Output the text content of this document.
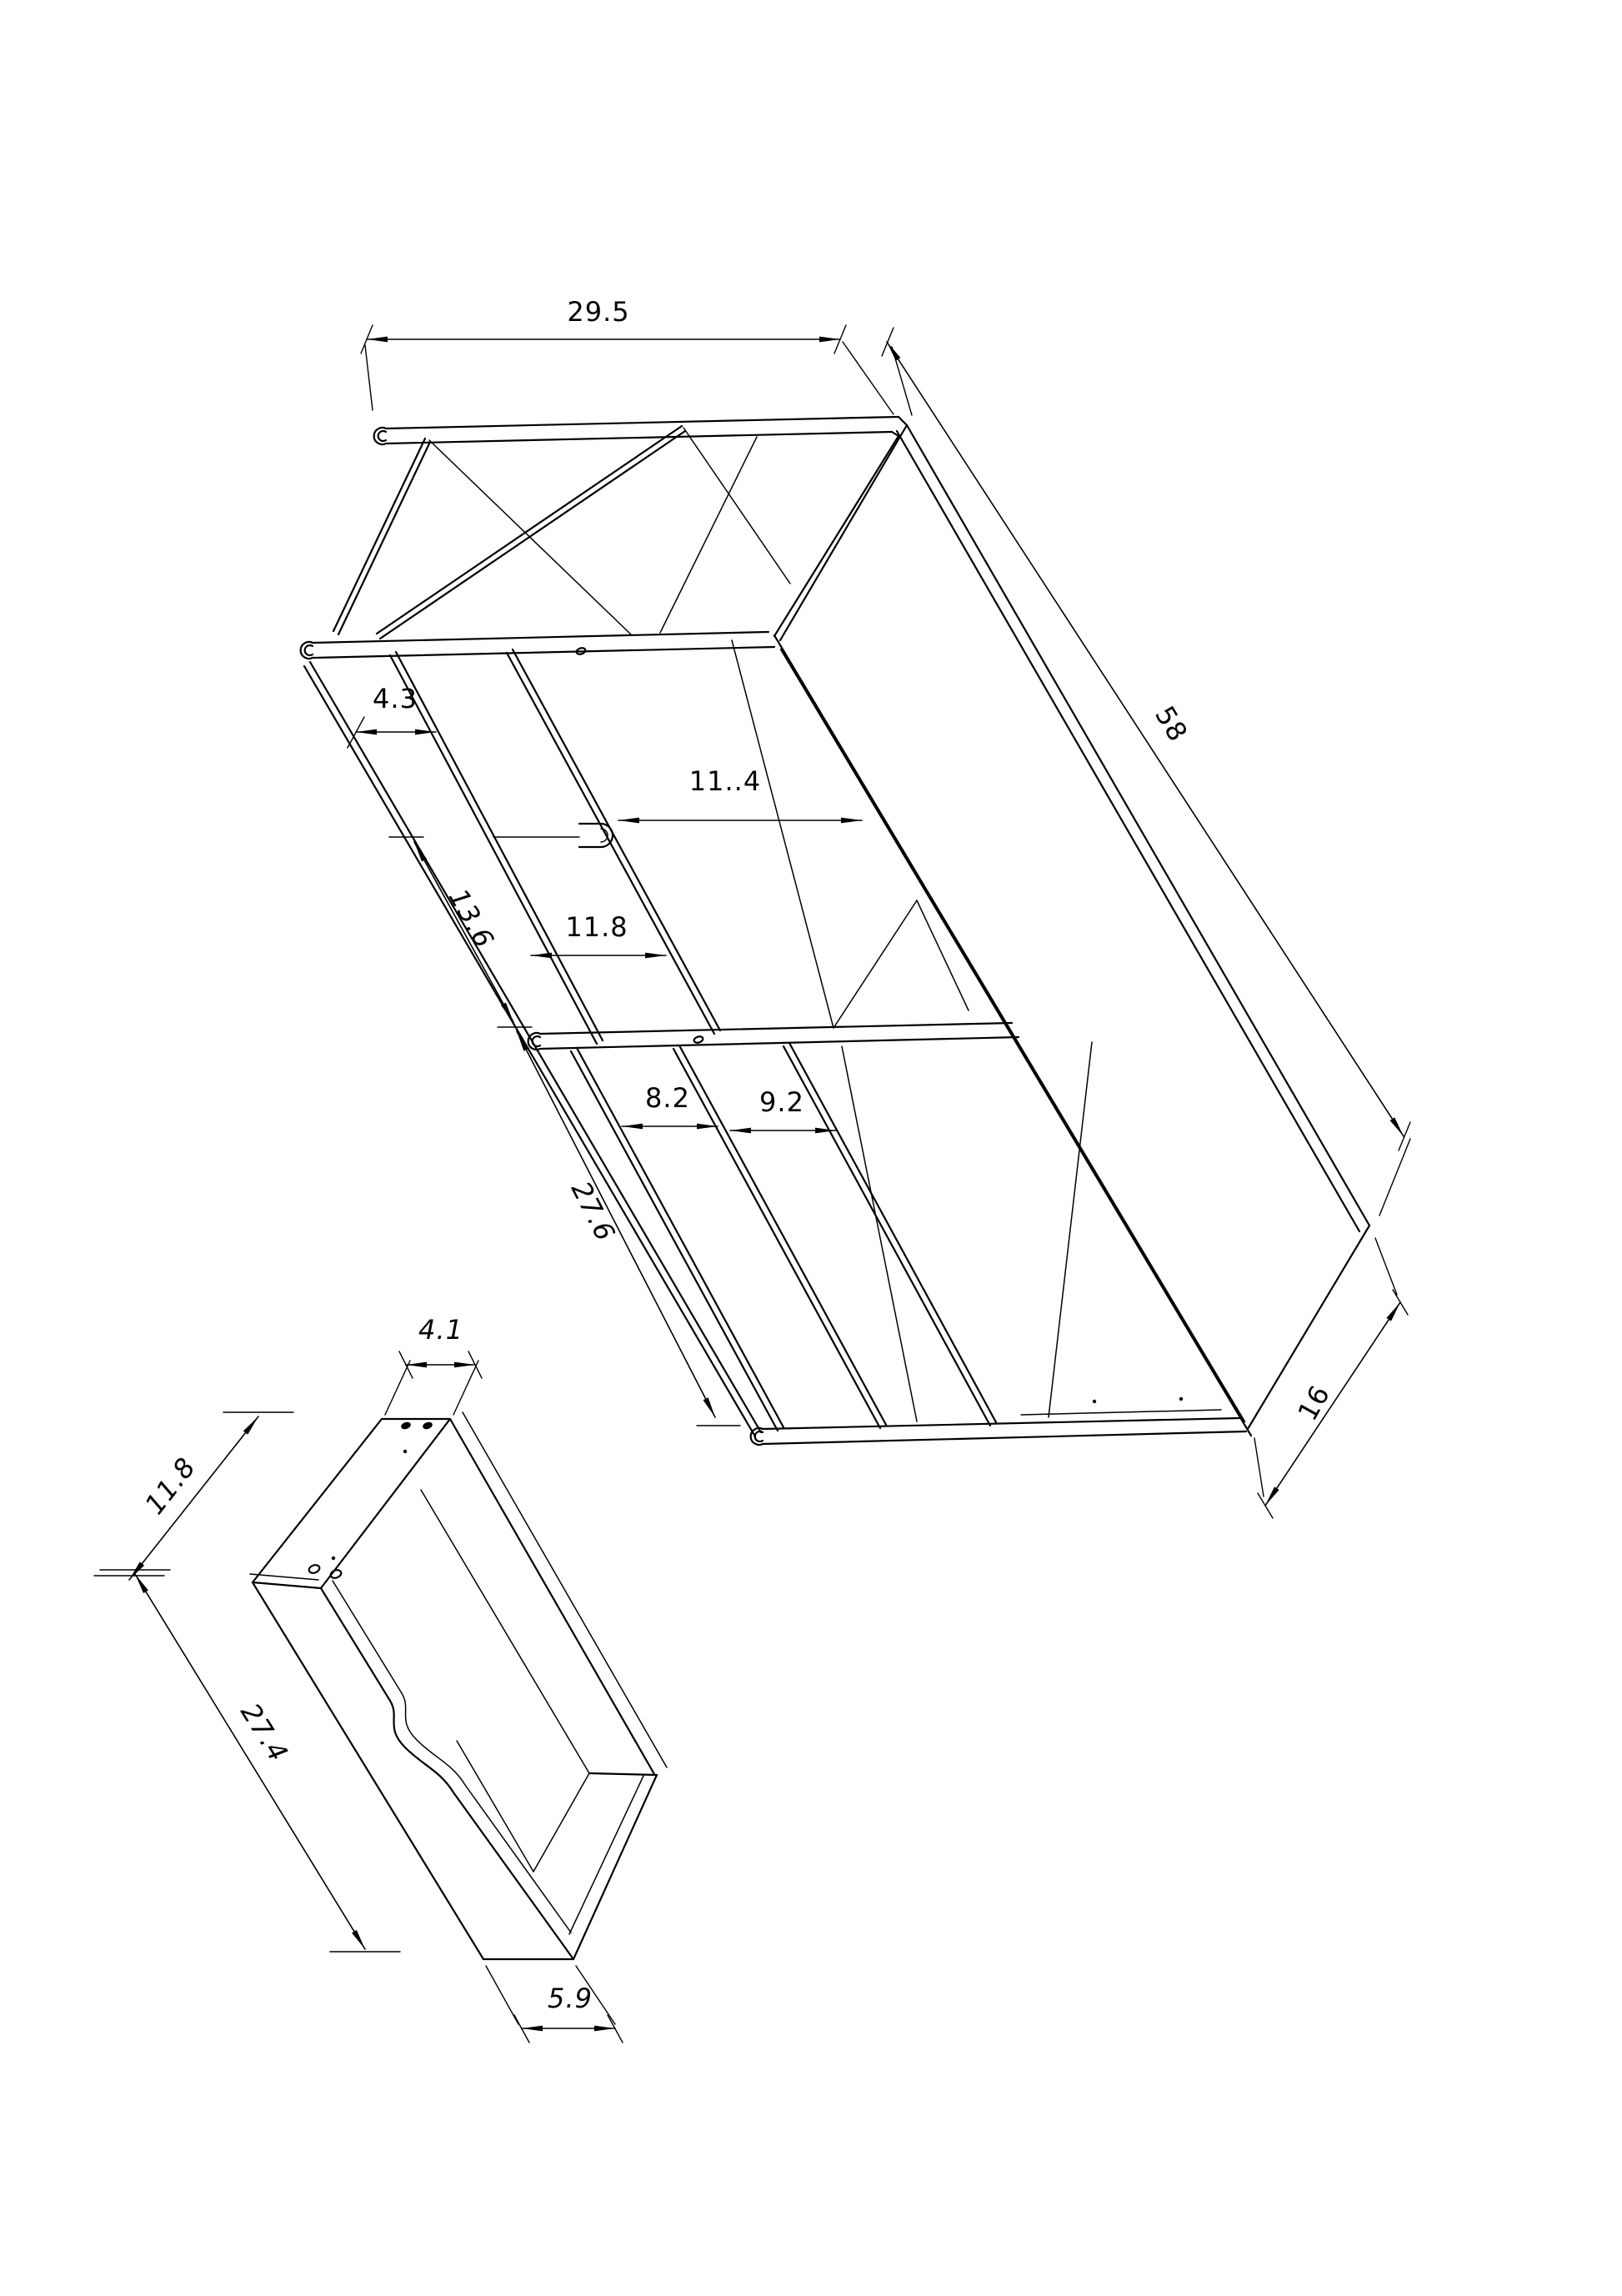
29.5
58
16
4.3
11..4
11.8
13.6
27.6
8.2	9.2
4.1
11.8
27.4
5.9
